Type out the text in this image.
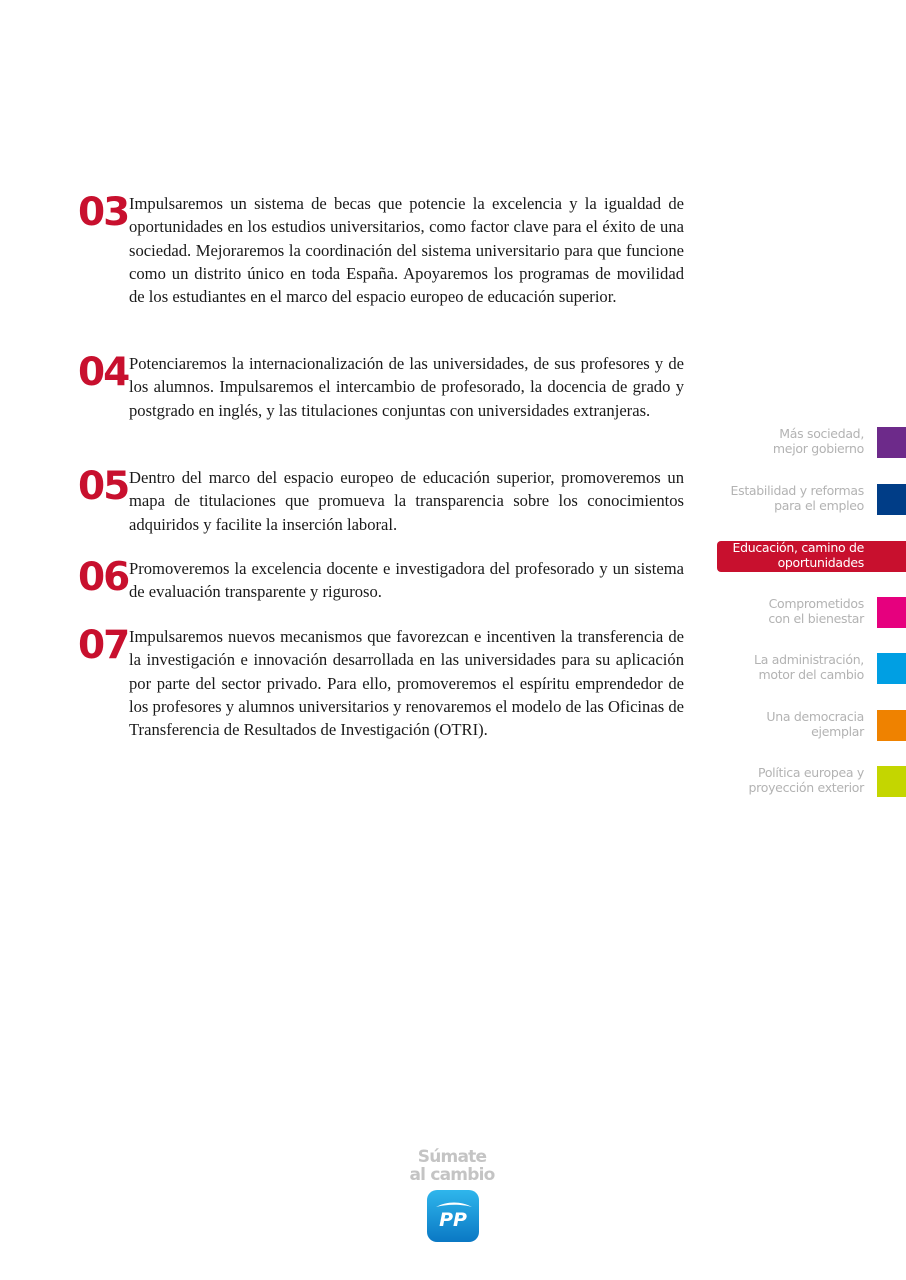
03 Impulsaremos un sistema de becas que potencie la excelencia y la igualdad de oportunidades en los estudios universitarios, como factor clave para el éxito de una sociedad. Mejoraremos la coordinación del sistema universitario para que funcione como un distrito único en toda España. Apoyaremos los programas de movilidad de los estudiantes en el marco del espacio europeo de educación superior.

04 Potenciaremos la internacionalización de las universidades, de sus profesores y de los alumnos. Impulsaremos el intercambio de profesorado, la docencia de grado y postgrado en inglés, y las titulaciones conjuntas con universidades extranjeras.

05 Dentro del marco del espacio europeo de educación superior, promoveremos un mapa de titulaciones que promueva la transparencia sobre los conocimientos adquiridos y facilite la inserción laboral.

06 Promoveremos la excelencia docente e investigadora del profesorado y un sistema de evaluación transparente y riguroso.

07 Impulsaremos nuevos mecanismos que favorezcan e incentiven la transferencia de la investigación e innovación desarrollada en las universidades para su aplicación por parte del sector privado. Para ello, promoveremos el espíritu emprendedor de los profesores y alumnos universitarios y renovaremos el modelo de las Oficinas de Transferencia de Resultados de Investigación (OTRI).

Más sociedad,
mejor gobierno
Estabilidad y reformas
para el empleo
Educación, camino de
oportunidades
Comprometidos
con el bienestar
La administración,
motor del cambio
Una democracia
ejemplar
Política europea y
proyección exterior
Súmate
al cambio
PP
